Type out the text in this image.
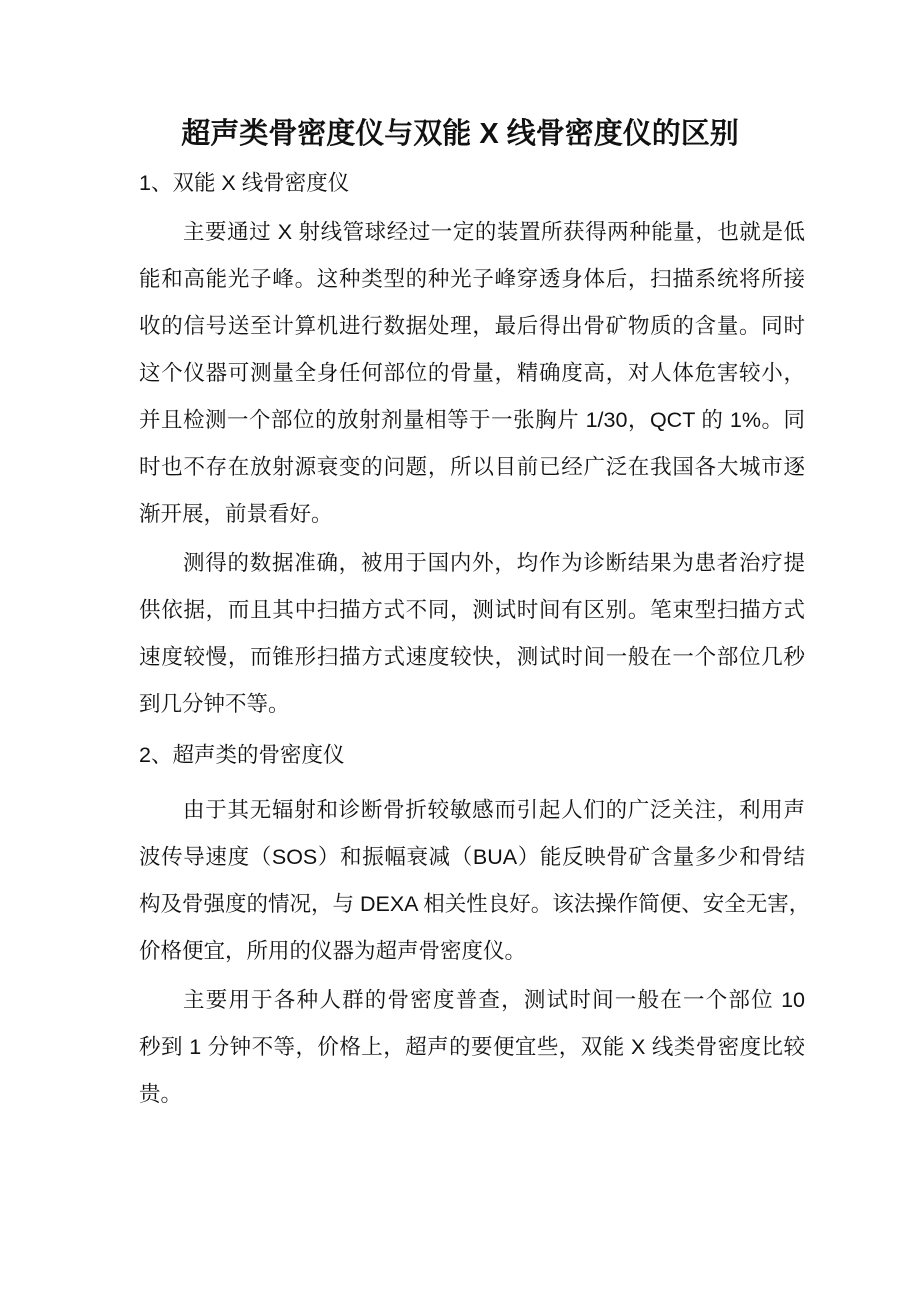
超声类骨密度仪与双能 X 线骨密度仪的区别
1、双能 X 线骨密度仪
主要通过 X 射线管球经过一定的装置所获得两种能量，也就是低
能和高能光子峰。这种类型的种光子峰穿透身体后，扫描系统将所接
收的信号送至计算机进行数据处理，最后得出骨矿物质的含量。同时
这个仪器可测量全身任何部位的骨量，精确度高，对人体危害较小，
并且检测一个部位的放射剂量相等于一张胸片 1/30，QCT 的 1%。同
时也不存在放射源衰变的问题，所以目前已经广泛在我国各大城市逐
渐开展，前景看好。
测得的数据准确，被用于国内外，均作为诊断结果为患者治疗提
供依据，而且其中扫描方式不同，测试时间有区别。笔束型扫描方式
速度较慢，而锥形扫描方式速度较快，测试时间一般在一个部位几秒
到几分钟不等。
2、超声类的骨密度仪
由于其无辐射和诊断骨折较敏感而引起人们的广泛关注，利用声
波传导速度（SOS）和振幅衰减（BUA）能反映骨矿含量多少和骨结
构及骨强度的情况，与 DEXA 相关性良好。该法操作简便、安全无害，
价格便宜，所用的仪器为超声骨密度仪。
主要用于各种人群的骨密度普查，测试时间一般在一个部位 10
秒到 1 分钟不等，价格上，超声的要便宜些，双能 X 线类骨密度比较
贵。
